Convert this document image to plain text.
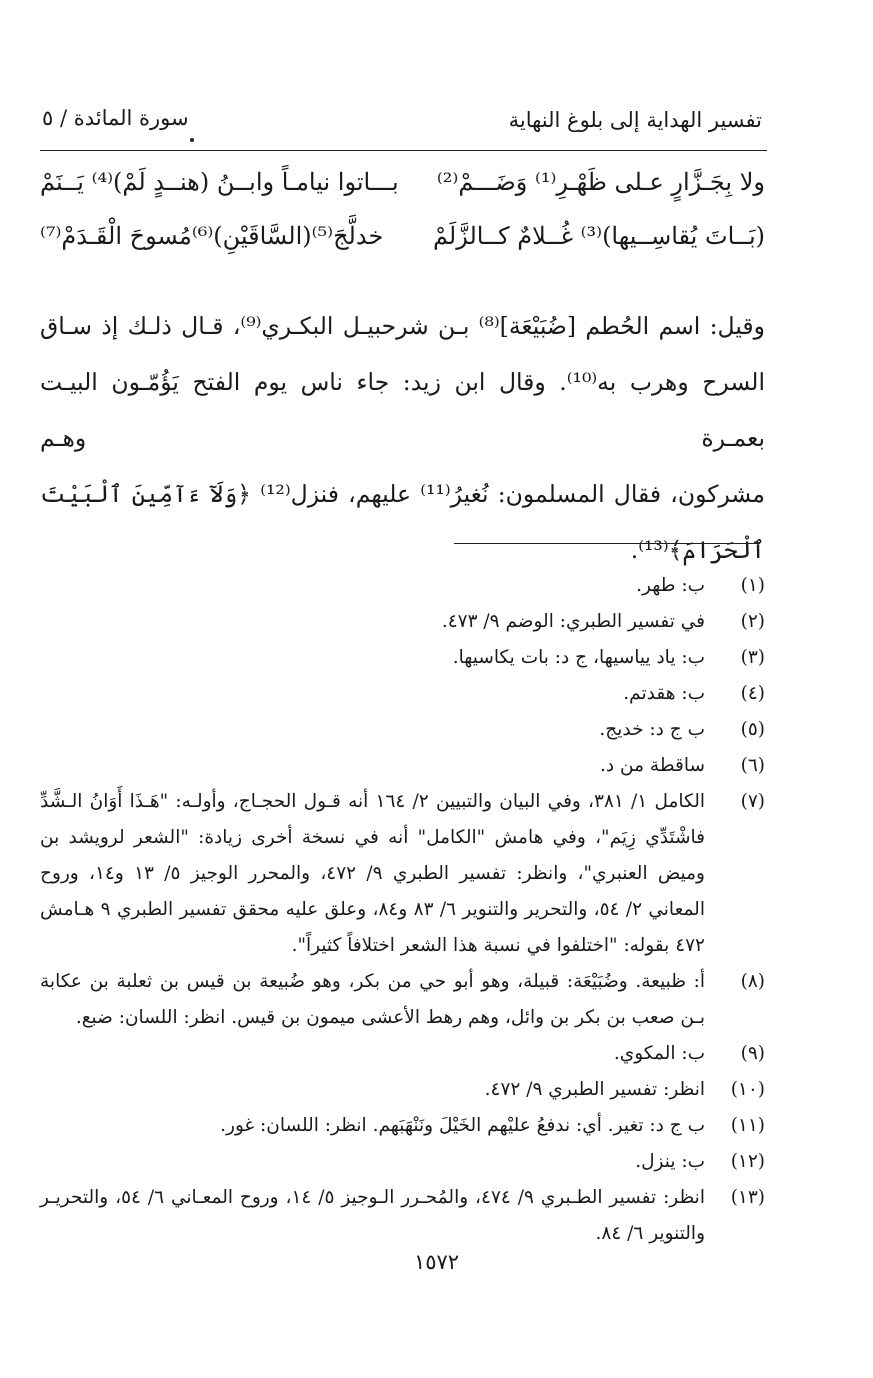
تفسير الهداية إلى بلوغ النهاية
سورة المائدة / ٥
ولا بِجَـزَّارٍ عـلى ظَهْـرِ⁽¹⁾ وَضَـــمْ⁽²⁾
بـــاتوا نيامـاً وابــنُ (هنــدٍ لَمْ)⁽⁴⁾ يَــنَمْ
(بَــاتَ يُقاسِــيها)⁽³⁾ غُــلامٌ كــالزَّلَمْ
خدلَّجَ⁽⁵⁾(السَّاقَيْنِ)⁽⁶⁾مُسوحَ الْقَـدَمْ⁽⁷⁾
وقيل: اسم الحُطم [ضُبَيْعَة]⁽⁸⁾ بـن شرحبيـل البكـري⁽⁹⁾، قـال ذلـك إذ سـاق
السرح وهرب به⁽¹⁰⁾. وقال ابن زيد: جاء ناس يوم الفتح يَؤُمّـون البيـت بعمـرة وهـم
مشركون، فقال المسلمون: نُغيرُ⁽¹¹⁾ عليهم، فنزل⁽¹²⁾ ﴿وَلَآ ءَآمِّينَ ٱلْبَيْتَ ٱلْحَرَامَ﴾⁽¹³⁾.
(١)
ب: طهر.
(٢)
في تفسير الطبري: الوضم ٩/ ٤٧٣.
(٣)
ب: ياد يياسيها، ج د: بات يكاسيها.
(٤)
ب: هقدتم.
(٥)
ب ج د: خديج.
(٦)
ساقطة من د.
(٧)
الكامل ١/ ٣٨١، وفي البيان والتبيين ٢/ ١٦٤ أنه قـول الحجـاج، وأولـه: "هَـذَا أَوَانُ الـشَّدِّ فاشْتَدِّي زِيَم"، وفي هامش "الكامل" أنه في نسخة أخرى زيادة: "الشعر لرويشد بن وميض العنبري"، وانظر: تفسير الطبري ٩/ ٤٧٢، والمحرر الوجيز ٥/ ١٣ و١٤، وروح المعاني ٢/ ٥٤، والتحرير والتنوير ٦/ ٨٣ و٨٤، وعلق عليه محقق تفسير الطبري ٩ هـامش ٤٧٢ بقوله: "اختلفوا في نسبة هذا الشعر اختلافاً كثيراً".
(٨)
أ: ظبيعة. وضُبَيْعَة: قبيلة، وهو أبو حي من بكر، وهو ضُبيعة بن قيس بن ثعلبة بن عكابة بـن صعب بن بكر بن وائل، وهم رهط الأعشى ميمون بن قيس. انظر: اللسان: ضبع.
(٩)
ب: المكوي.
(١٠)
انظر: تفسير الطبري ٩/ ٤٧٢.
(١١)
ب ج د: تغير. أي: ندفعُ عليْهم الخَيْلَ ونَنْهَبَهم. انظر: اللسان: غور.
(١٢)
ب: ينزل.
(١٣)
انظر: تفسير الطـبري ٩/ ٤٧٤، والمُحـرر الـوجيز ٥/ ١٤، وروح المعـاني ٦/ ٥٤، والتحريـر والتنوير ٦/ ٨٤.
١٥٧٢
